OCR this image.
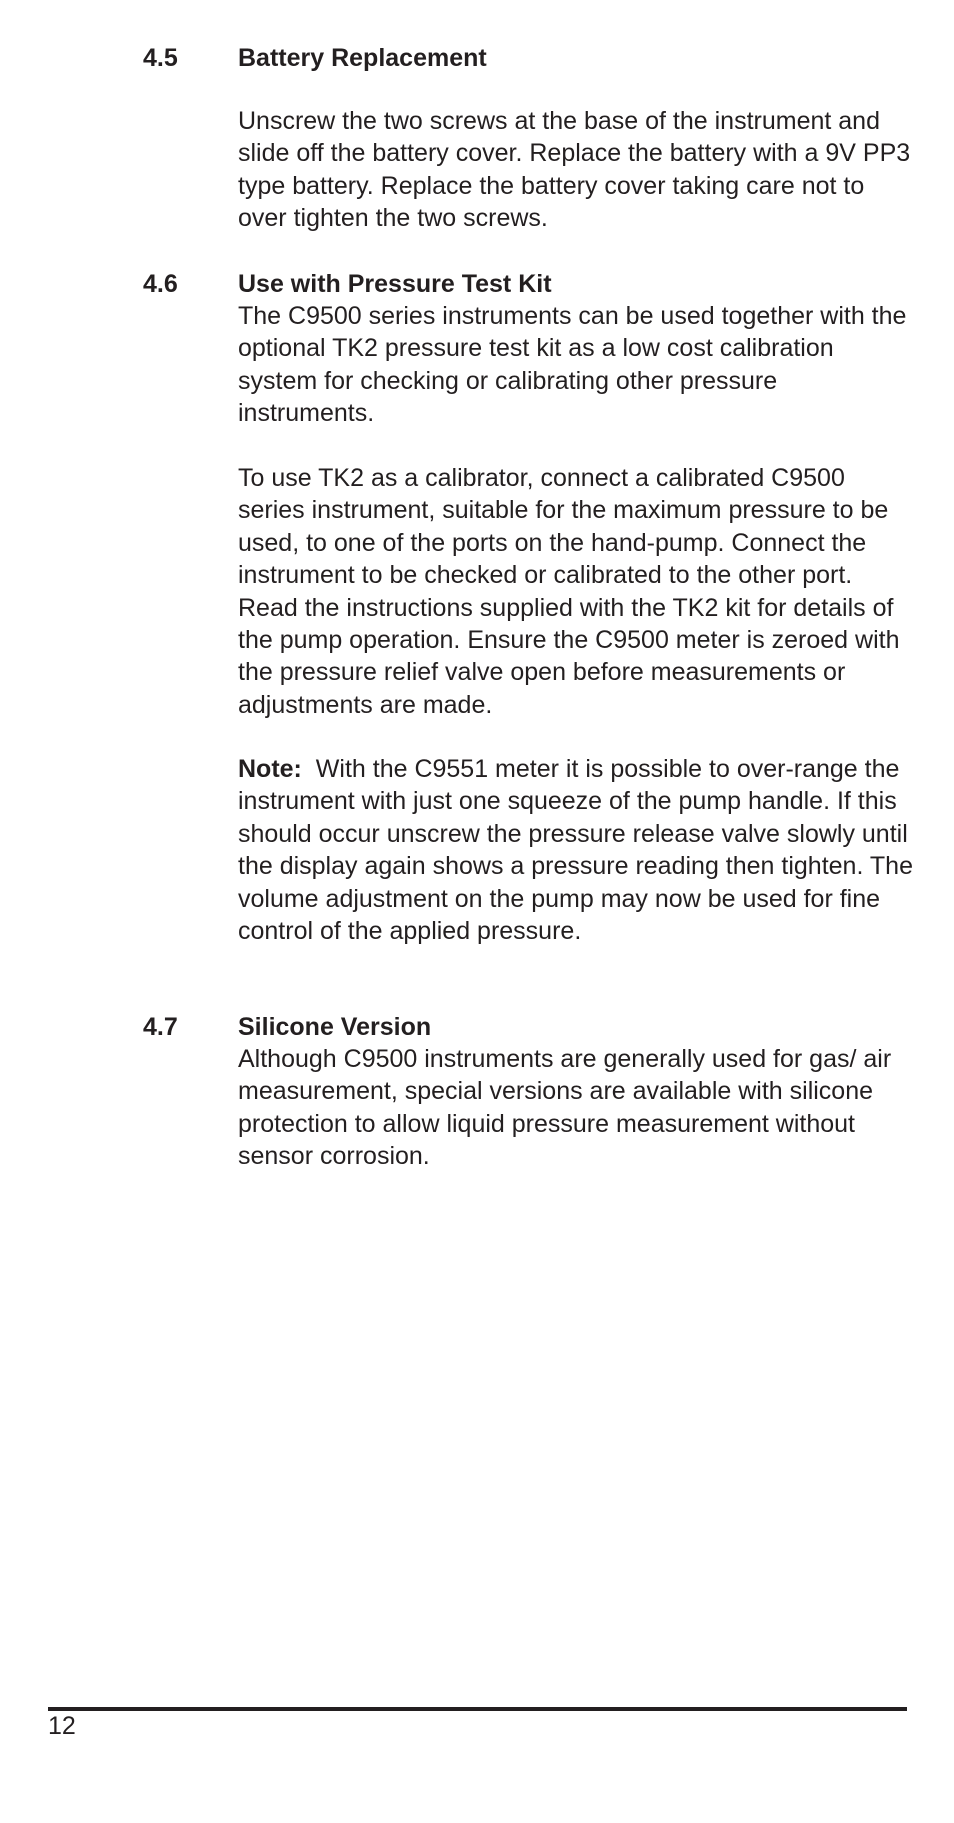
4.5 Battery Replacement

Unscrew the two screws at the base of the instrument and slide off the battery cover. Replace the battery with a 9V PP3 type battery. Replace the battery cover taking care not to over tighten the two screws.

4.6 Use with Pressure Test Kit

The C9500 series instruments can be used together with the optional TK2 pressure test kit as a low cost calibration system for checking or calibrating other pressure instruments.

To use TK2 as a calibrator, connect a calibrated C9500 series instrument, suitable for the maximum pressure to be used, to one of the ports on the hand-pump. Connect the instrument to be checked or calibrated to the other port. Read the instructions supplied with the TK2 kit for details of the pump operation. Ensure the C9500 meter is zeroed with the pressure relief valve open before measurements or adjustments are made.

Note: With the C9551 meter it is possible to over-range the instrument with just one squeeze of the pump handle. If this should occur unscrew the pressure release valve slowly until the display again shows a pressure reading then tighten. The volume adjustment on the pump may now be used for fine control of the applied pressure.

4.7 Silicone Version

Although C9500 instruments are generally used for gas/ air measurement, special versions are available with silicone protection to allow liquid pressure measurement without sensor corrosion.

12
